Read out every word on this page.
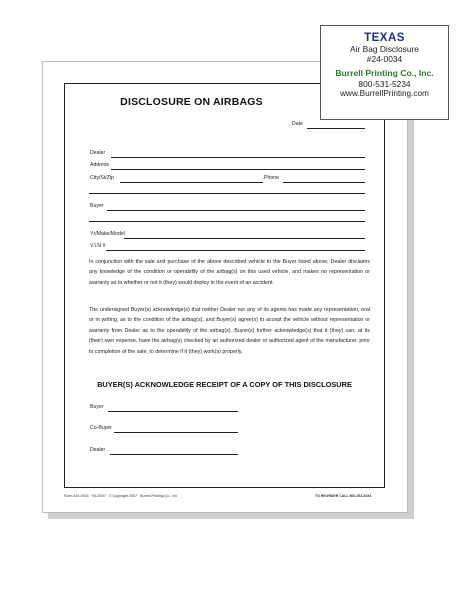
DISCLOSURE ON AIRBAGS
Date
Dealer
Address
City/St/Zip	Phone
Buyer
Yr/Make/Model
V.I.N #
In conjunction with the sale and purchase of the above described vehicle to the Buyer listed above, Dealer disclaims any knowledge of the condition or operability of the airbag(s) on this used vehicle, and makes no representation or warranty as to whether or not it (they) would deploy in the event of an accident.
The undersigned Buyer(s) acknowledge(s) that neither Dealer nor any of its agents has made any representation, oral or in writing, as to the condition of the airbag(s), and Buyer(s) agree(s) to accept the vehicle without representation or warranty from Dealer as to the operability of the airbag(s). Buyer(s) further acknowledge(s) that it (they) can, at its (their) own expense, have the airbag(s) checked by an authorized dealer or authorized agent of the manufacturer, prior to completion of the sale, to determine if it (they) work(s) properly.
BUYER(S) ACKNOWLEDGE RECEIPT OF A COPY OF THIS DISCLOSURE
Buyer
Co-Buyer
Dealer
Form #24-0034 · 9/1/2007 · © Copyright 2007 · Burrell Printing Co., Inc	TO REORDER CALL 800-252-8194
TEXAS
Air Bag Disclosure
#24-0034
Burrell Printing Co., Inc.
800-531-5234
www.BurrellPrinting.com
